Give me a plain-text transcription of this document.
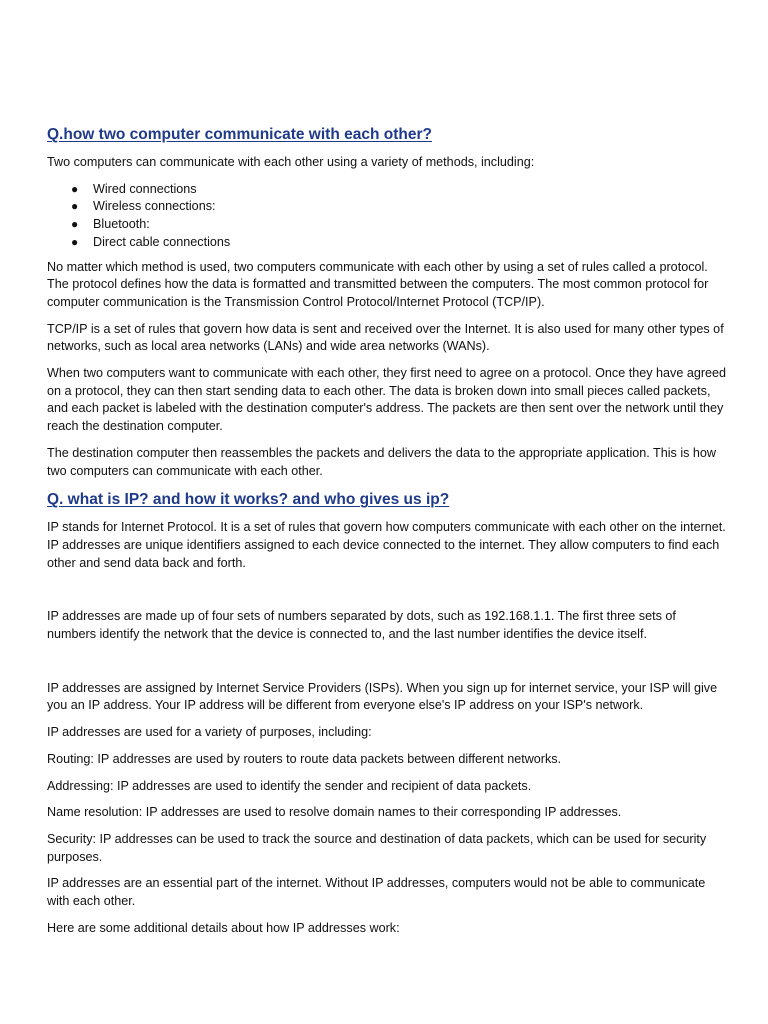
Q.how two computer communicate with each other?

Two computers can communicate with each other using a variety of methods, including:

● Wired connections
● Wireless connections:
● Bluetooth:
● Direct cable connections

No matter which method is used, two computers communicate with each other by using a set of rules called a protocol. The protocol defines how the data is formatted and transmitted between the computers. The most common protocol for computer communication is the Transmission Control Protocol/Internet Protocol (TCP/IP).

TCP/IP is a set of rules that govern how data is sent and received over the Internet. It is also used for many other types of networks, such as local area networks (LANs) and wide area networks (WANs).

When two computers want to communicate with each other, they first need to agree on a protocol. Once they have agreed on a protocol, they can then start sending data to each other. The data is broken down into small pieces called packets, and each packet is labeled with the destination computer's address. The packets are then sent over the network until they reach the destination computer.

The destination computer then reassembles the packets and delivers the data to the appropriate application. This is how two computers can communicate with each other.

Q. what is IP? and how it works? and who gives us ip?

IP stands for Internet Protocol. It is a set of rules that govern how computers communicate with each other on the internet. IP addresses are unique identifiers assigned to each device connected to the internet. They allow computers to find each other and send data back and forth.

IP addresses are made up of four sets of numbers separated by dots, such as 192.168.1.1. The first three sets of numbers identify the network that the device is connected to, and the last number identifies the device itself.

IP addresses are assigned by Internet Service Providers (ISPs). When you sign up for internet service, your ISP will give you an IP address. Your IP address will be different from everyone else's IP address on your ISP's network.

IP addresses are used for a variety of purposes, including:

Routing: IP addresses are used by routers to route data packets between different networks.

Addressing: IP addresses are used to identify the sender and recipient of data packets.

Name resolution: IP addresses are used to resolve domain names to their corresponding IP addresses.

Security: IP addresses can be used to track the source and destination of data packets, which can be used for security purposes.

IP addresses are an essential part of the internet. Without IP addresses, computers would not be able to communicate with each other.

Here are some additional details about how IP addresses work:
